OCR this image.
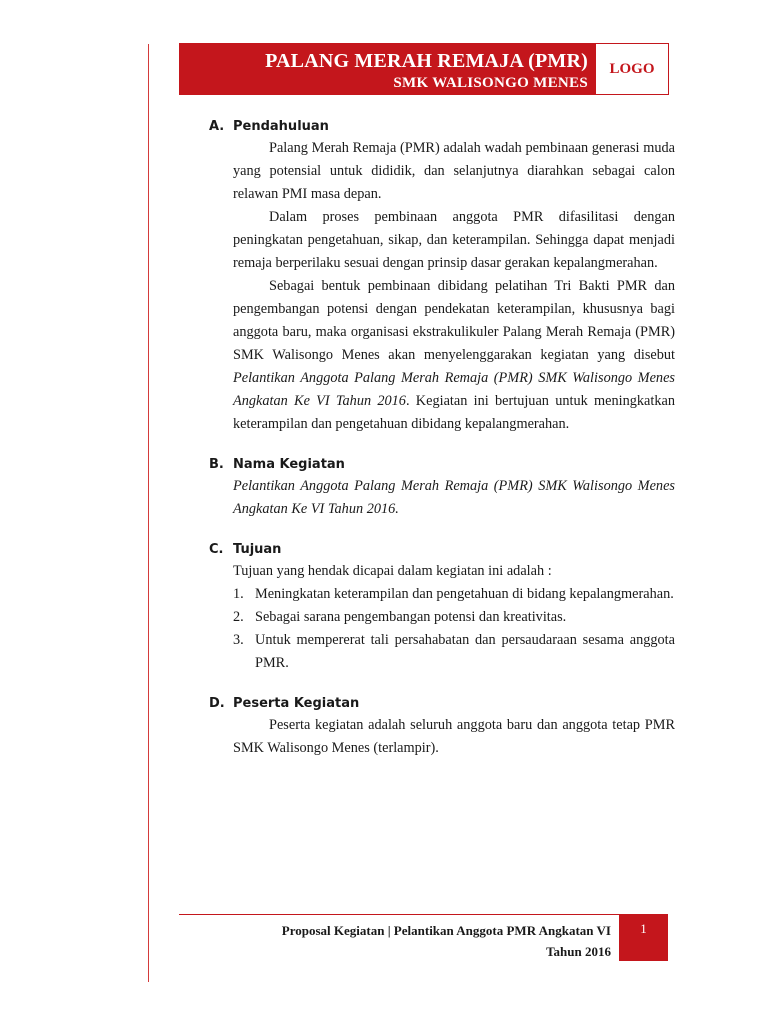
PALANG MERAH REMAJA (PMR)
SMK WALISONGO MENES
LOGO
A. Pendahuluan

Palang Merah Remaja (PMR) adalah wadah pembinaan generasi muda yang potensial untuk dididik, dan selanjutnya diarahkan sebagai calon relawan PMI masa depan.

Dalam proses pembinaan anggota PMR difasilitasi dengan peningkatan pengetahuan, sikap, dan keterampilan. Sehingga dapat menjadi remaja berperilaku sesuai dengan prinsip dasar gerakan kepalangmerahan.

Sebagai bentuk pembinaan dibidang pelatihan Tri Bakti PMR dan pengembangan potensi dengan pendekatan keterampilan, khususnya bagi anggota baru, maka organisasi ekstrakulikuler Palang Merah Remaja (PMR) SMK Walisongo Menes akan menyelenggarakan kegiatan yang disebut Pelantikan Anggota Palang Merah Remaja (PMR) SMK Walisongo Menes Angkatan Ke VI Tahun 2016. Kegiatan ini bertujuan untuk meningkatkan keterampilan dan pengetahuan dibidang kepalangmerahan.

B. Nama Kegiatan

Pelantikan Anggota Palang Merah Remaja (PMR) SMK Walisongo Menes Angkatan Ke VI Tahun 2016.

C. Tujuan

Tujuan yang hendak dicapai dalam kegiatan ini adalah :

1. Meningkatan keterampilan dan pengetahuan di bidang kepalangmerahan.
2. Sebagai sarana pengembangan potensi dan kreativitas.
3. Untuk mempererat tali persahabatan dan persaudaraan sesama anggota PMR.
D. Peserta Kegiatan

Peserta kegiatan adalah seluruh anggota baru dan anggota tetap PMR SMK Walisongo Menes (terlampir).

Proposal Kegiatan | Pelantikan Anggota PMR Angkatan VI
Tahun 2016
1
